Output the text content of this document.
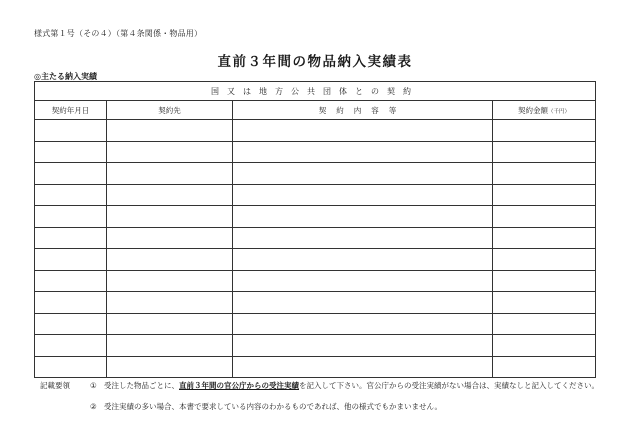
様式第１号（その４）（第４条関係・物品用）
直前３年間の物品納入実績表
◎主たる納入実績
国又は地方公共団体との契約			
契約年月日	契約先	契約内容等	契約金額（千円）

記載要領	① 受注した物品ごとに、直前３年間の官公庁からの受注実績を記入して下さい。官公庁からの受注実績がない場合は、実績なしと記入してください。
② 受注実績の多い場合、本書で要求している内容のわかるものであれば、他の様式でもかまいません。
